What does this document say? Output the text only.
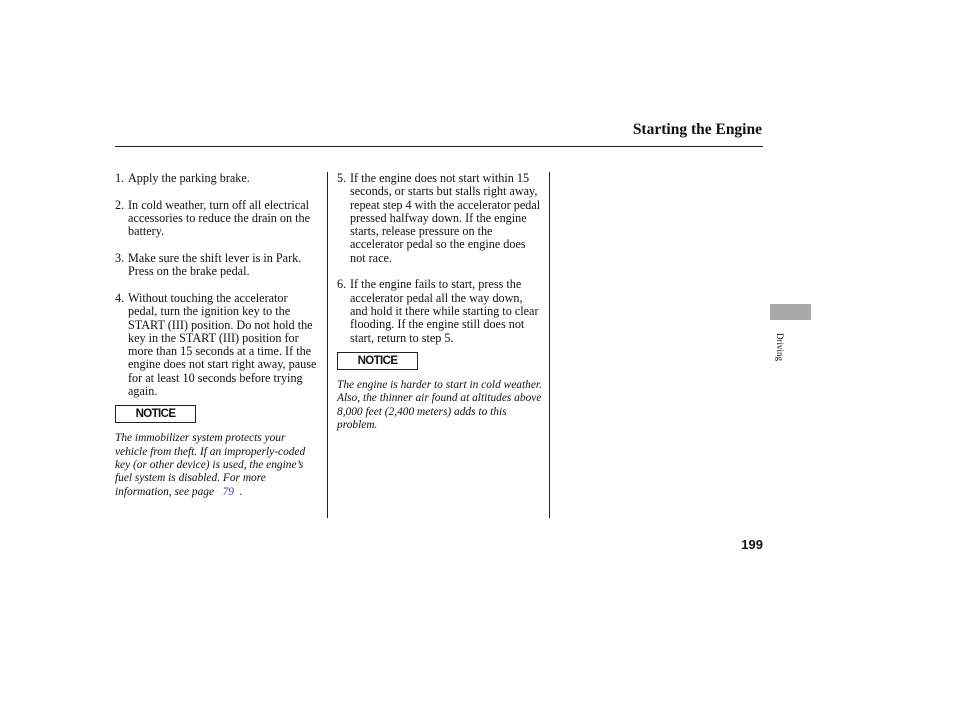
Starting the Engine
1. Apply the parking brake.
2. In cold weather, turn off all electrical accessories to reduce the drain on the battery.
3. Make sure the shift lever is in Park. Press on the brake pedal.
4. Without touching the accelerator pedal, turn the ignition key to the START (III) position. Do not hold the key in the START (III) position for more than 15 seconds at a time. If the engine does not start right away, pause for at least 10 seconds before trying again.
NOTICE

The immobilizer system protects your vehicle from theft. If an improperly-coded key (or other device) is used, the engine’s fuel system is disabled. For more information, see page 79 .

5. If the engine does not start within 15 seconds, or starts but stalls right away, repeat step 4 with the accelerator pedal pressed halfway down. If the engine starts, release pressure on the accelerator pedal so the engine does not race.
6. If the engine fails to start, press the accelerator pedal all the way down, and hold it there while starting to clear flooding. If the engine still does not start, return to step 5.
NOTICE

The engine is harder to start in cold weather. Also, the thinner air found at altitudes above 8,000 feet (2,400 meters) adds to this problem.

Driving
199
